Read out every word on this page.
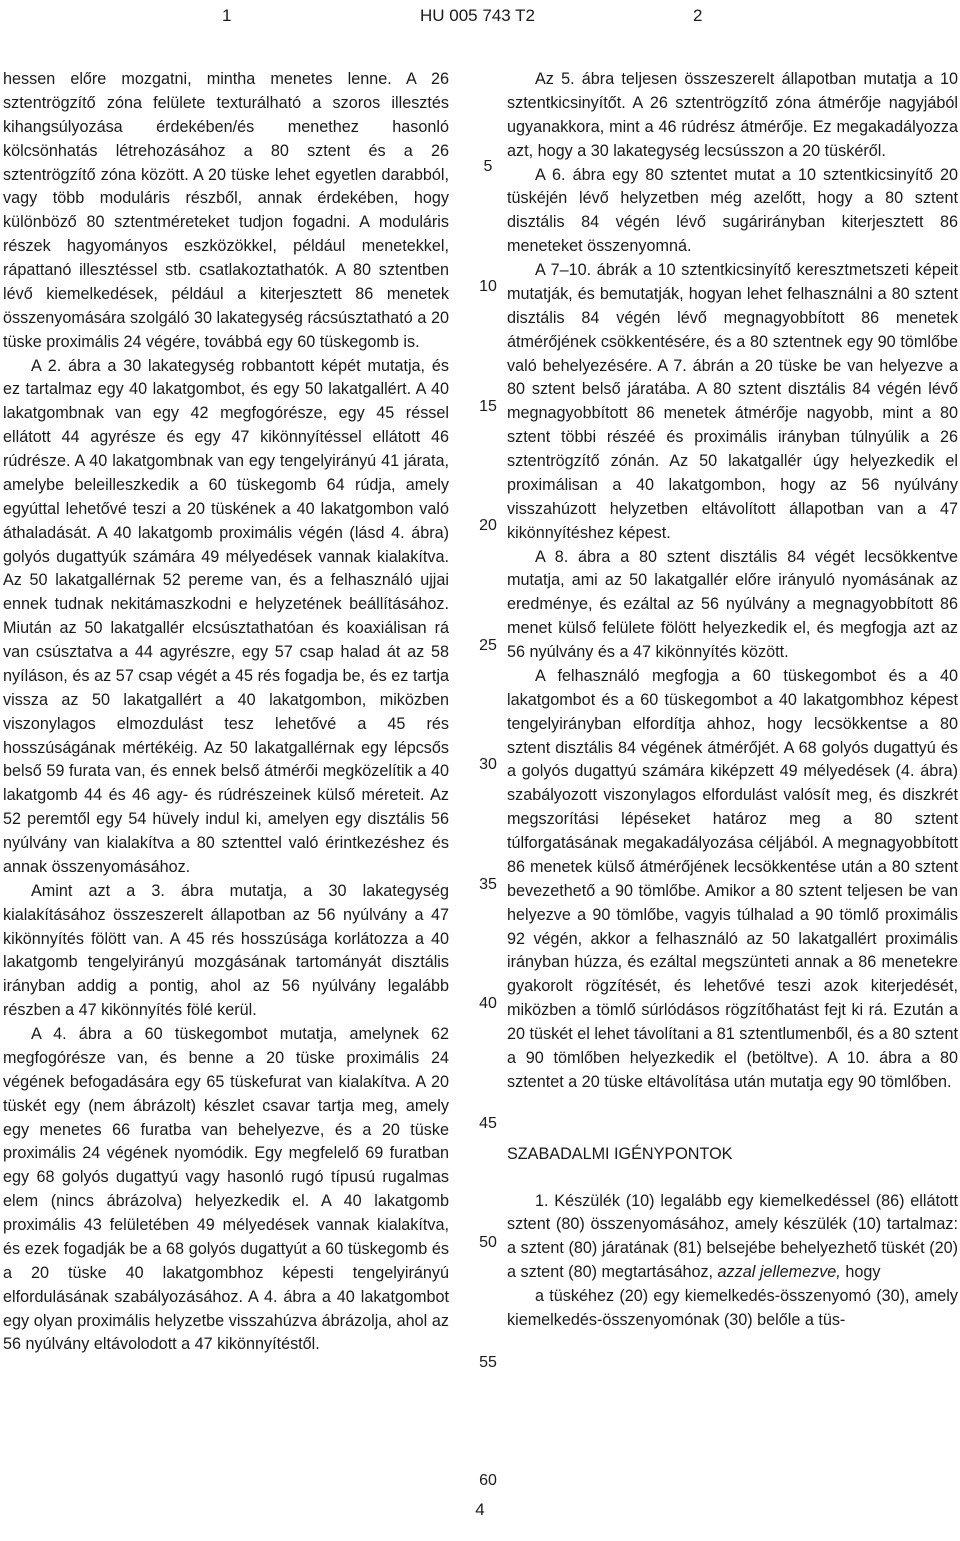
1	HU 005 743 T2	2

hessen előre mozgatni, mintha menetes lenne. A 26 sztentrögzítő zóna felülete texturálható a szoros illesztés kihangsúlyozása érdekében/és menethez hasonló kölcsönhatás létrehozásához a 80 sztent és a 26 sztentrögzítő zóna között. A 20 tüske lehet egyetlen darabból, vagy több moduláris részből, annak érdekében, hogy különböző 80 sztentméreteket tudjon fogadni. A moduláris részek hagyományos eszközökkel, például menetekkel, rápattanó illesztéssel stb. csatlakoztathatók. A 80 sztentben lévő kiemelkedések, például a kiterjesztett 86 menetek összenyomására szolgáló 30 lakategység rácsúsztatható a 20 tüske proximális 24 végére, továbbá egy 60 tüskegomb is.

A 2. ábra a 30 lakategység robbantott képét mutatja, és ez tartalmaz egy 40 lakatgombot, és egy 50 lakatgallért. A 40 lakatgombnak van egy 42 megfogórésze, egy 45 réssel ellátott 44 agyrésze és egy 47 kikönnyítéssel ellátott 46 rúdrésze. A 40 lakatgombnak van egy tengelyirányú 41 járata, amelybe beleilleszkedik a 60 tüskegomb 64 rúdja, amely egyúttal lehetővé teszi a 20 tüskének a 40 lakatgombon való áthaladását. A 40 lakatgomb proximális végén (lásd 4. ábra) golyós dugattyúk számára 49 mélyedések vannak kialakítva. Az 50 lakatgallérnak 52 pereme van, és a felhasználó ujjai ennek tudnak nekitámaszkodni e helyzetének beállításához. Miután az 50 lakatgallér elcsúsztathatóan és koaxiálisan rá van csúsztatva a 44 agyrészre, egy 57 csap halad át az 58 nyíláson, és az 57 csap végét a 45 rés fogadja be, és ez tartja vissza az 50 lakatgallért a 40 lakatgombon, miközben viszonylagos elmozdulást tesz lehetővé a 45 rés hosszúságának mértékéig. Az 50 lakatgallérnak egy lépcsős belső 59 furata van, és ennek belső átmérői megközelítik a 40 lakatgomb 44 és 46 agy- és rúdrészeinek külső méreteit. Az 52 peremtől egy 54 hüvely indul ki, amelyen egy disztális 56 nyúlvány van kialakítva a 80 sztenttel való érintkezéshez és annak összenyomásához.

Amint azt a 3. ábra mutatja, a 30 lakategység kialakításához összeszerelt állapotban az 56 nyúlvány a 47 kikönnyítés fölött van. A 45 rés hosszúsága korlátozza a 40 lakatgomb tengelyirányú mozgásának tartományát disztális irányban addig a pontig, ahol az 56 nyúlvány legalább részben a 47 kikönnyítés fölé kerül.

A 4. ábra a 60 tüskegombot mutatja, amelynek 62 megfogórésze van, és benne a 20 tüske proximális 24 végének befogadására egy 65 tüskefurat van kialakítva. A 20 tüskét egy (nem ábrázolt) készlet csavar tartja meg, amely egy menetes 66 furatba van behelyezve, és a 20 tüske proximális 24 végének nyomódik. Egy megfelelő 69 furatban egy 68 golyós dugattyú vagy hasonló rugó típusú rugalmas elem (nincs ábrázolva) helyezkedik el. A 40 lakatgomb proximális 43 felületében 49 mélyedések vannak kialakítva, és ezek fogadják be a 68 golyós dugattyút a 60 tüskegomb és a 20 tüske 40 lakatgombhoz képesti tengelyirányú elfordulásának szabályozásához. A 4. ábra a 40 lakatgombot egy olyan proximális helyzetbe visszahúzva ábrázolja, ahol az 56 nyúlvány eltávolodott a 47 kikönnyítéstől.

5
10
15
20
25
30
35
40
45
50
55
60

Az 5. ábra teljesen összeszerelt állapotban mutatja a 10 sztentkicsinyítőt. A 26 sztentrögzítő zóna átmérője nagyjából ugyanakkora, mint a 46 rúdrész átmérője. Ez megakadályozza azt, hogy a 30 lakategység lecsússzon a 20 tüskéről.

A 6. ábra egy 80 sztentet mutat a 10 sztentkicsinyítő 20 tüskéjén lévő helyzetben még azelőtt, hogy a 80 sztent disztális 84 végén lévő sugárirányban kiterjesztett 86 meneteket összenyomná.

A 7–10. ábrák a 10 sztentkicsinyítő keresztmetszeti képeit mutatják, és bemutatják, hogyan lehet felhasználni a 80 sztent disztális 84 végén lévő megnagyobbított 86 menetek átmérőjének csökkentésére, és a 80 sztentnek egy 90 tömlőbe való behelyezésére. A 7. ábrán a 20 tüske be van helyezve a 80 sztent belső járatába. A 80 sztent disztális 84 végén lévő megnagyobbított 86 menetek átmérője nagyobb, mint a 80 sztent többi részéé és proximális irányban túlnyúlik a 26 sztentrögzítő zónán. Az 50 lakatgallér úgy helyezkedik el proximálisan a 40 lakatgombon, hogy az 56 nyúlvány visszahúzott helyzetben eltávolított állapotban van a 47 kikönnyítéshez képest.

A 8. ábra a 80 sztent disztális 84 végét lecsökkentve mutatja, ami az 50 lakatgallér előre irányuló nyomásának az eredménye, és ezáltal az 56 nyúlvány a megnagyobbított 86 menet külső felülete fölött helyezkedik el, és megfogja azt az 56 nyúlvány és a 47 kikönnyítés között.

A felhasználó megfogja a 60 tüskegombot és a 40 lakatgombot és a 60 tüskegombot a 40 lakatgombhoz képest tengelyirányban elfordítja ahhoz, hogy lecsökkentse a 80 sztent disztális 84 végének átmérőjét. A 68 golyós dugattyú és a golyós dugattyú számára kiképzett 49 mélyedések (4. ábra) szabályozott viszonylagos elfordulást valósít meg, és diszkrét megszorítási lépéseket határoz meg a 80 sztent túlforgatásának megakadályozása céljából. A megnagyobbított 86 menetek külső átmérőjének lecsökkentése után a 80 sztent bevezethető a 90 tömlőbe. Amikor a 80 sztent teljesen be van helyezve a 90 tömlőbe, vagyis túlhalad a 90 tömlő proximális 92 végén, akkor a felhasználó az 50 lakatgallért proximális irányban húzza, és ezáltal megszünteti annak a 86 menetekre gyakorolt rögzítését, és lehetővé teszi azok kiterjedését, miközben a tömlő súrlódásos rögzítőhatást fejt ki rá. Ezután a 20 tüskét el lehet távolítani a 81 sztentlumenből, és a 80 sztent a 90 tömlőben helyezkedik el (betöltve). A 10. ábra a 80 sztentet a 20 tüske eltávolítása után mutatja egy 90 tömlőben.

SZABADALMI IGÉNYPONTOK

1. Készülék (10) legalább egy kiemelkedéssel (86) ellátott sztent (80) összenyomásához, amely készülék (10) tartalmaz: a sztent (80) járatának (81) belsejébe behelyezhető tüskét (20) a sztent (80) megtartásához, azzal jellemezve, hogy

a tüskéhez (20) egy kiemelkedés-összenyomó (30), amely kiemelkedés-összenyomónak (30) belőle a tüs-

4
